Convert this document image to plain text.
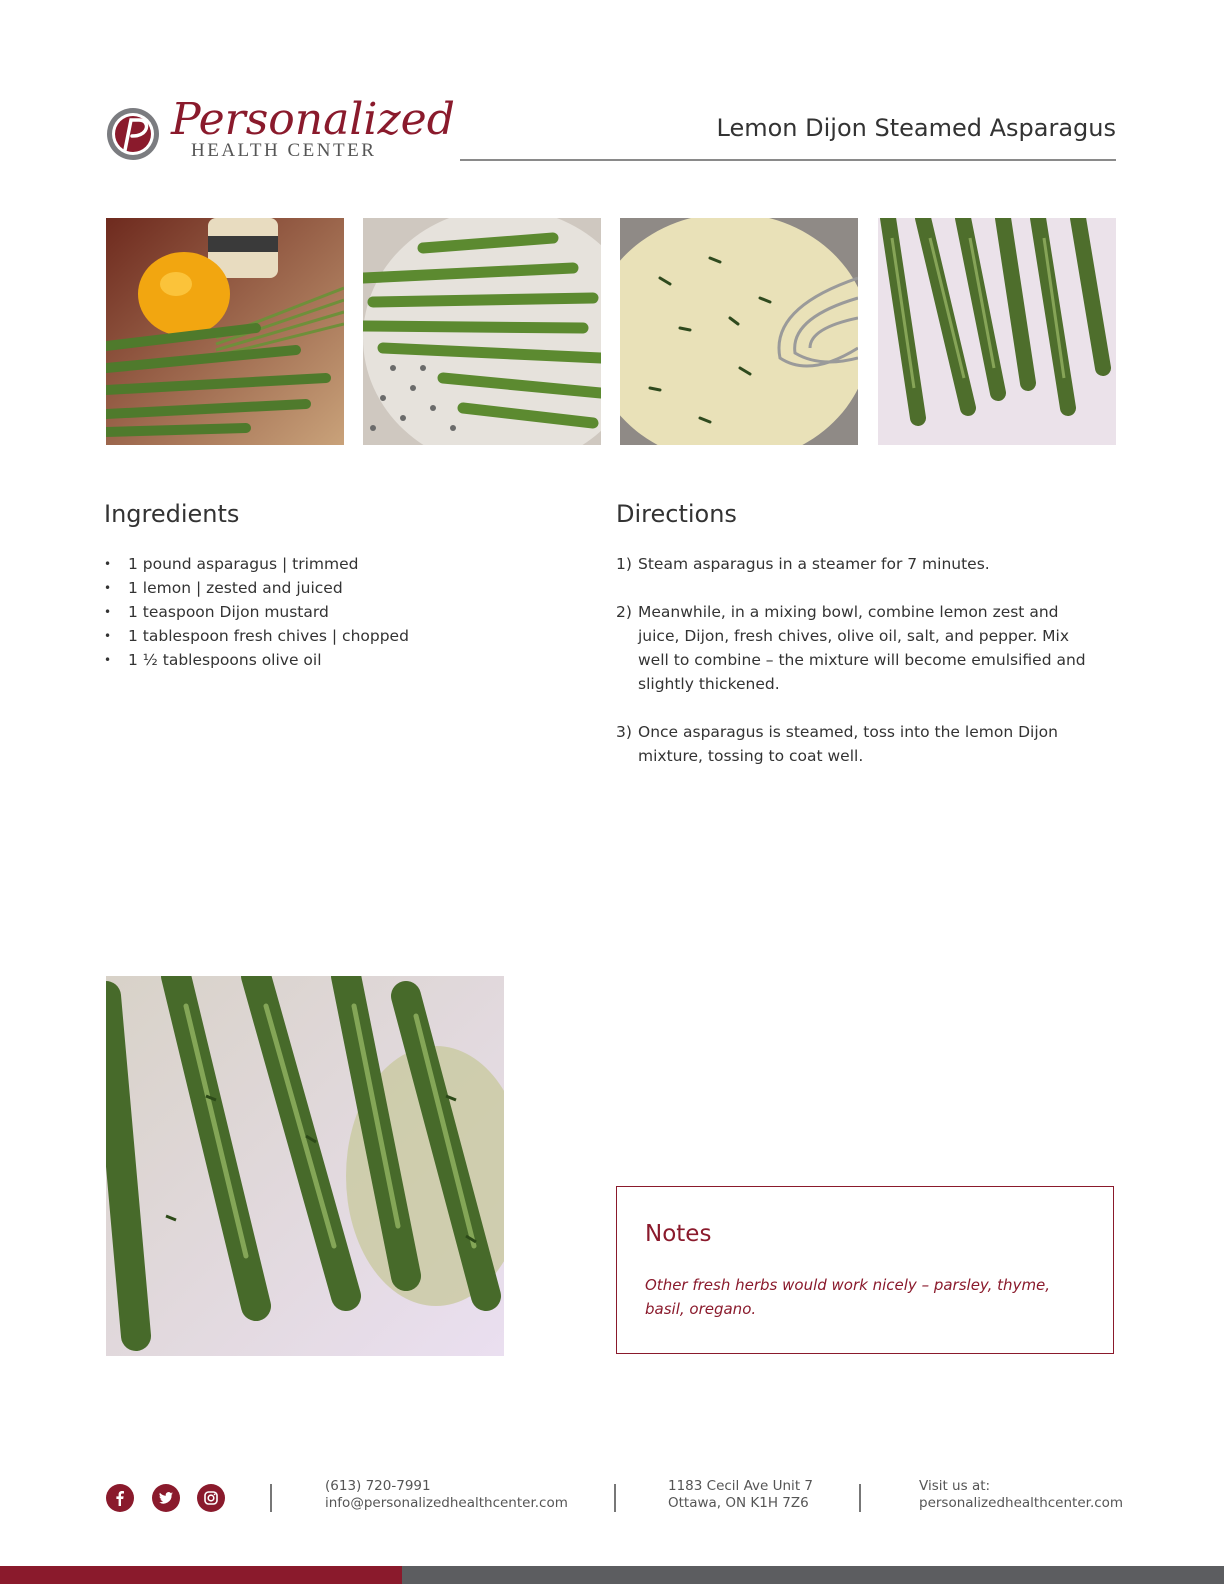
Personalized
HEALTH CENTER
Lemon Dijon Steamed Asparagus
Ingredients
• 1 pound asparagus | trimmed
• 1 lemon | zested and juiced
• 1 teaspoon Dijon mustard
• 1 tablespoon fresh chives | chopped
• 1 ½ tablespoons olive oil
Directions
1) Steam asparagus in a steamer for 7 minutes.
2) Meanwhile, in a mixing bowl, combine lemon zest and juice, Dijon, fresh chives, olive oil, salt, and pepper. Mix well to combine – the mixture will become emulsified and slightly thickened.
3) Once asparagus is steamed, toss into the lemon Dijon mixture, tossing to coat well.
Notes
Other fresh herbs would work nicely – parsley, thyme, basil, oregano.
(613) 720-7991
info@personalizedhealthcenter.com
1183 Cecil Ave Unit 7
Ottawa, ON K1H 7Z6
Visit us at:
personalizedhealthcenter.com
